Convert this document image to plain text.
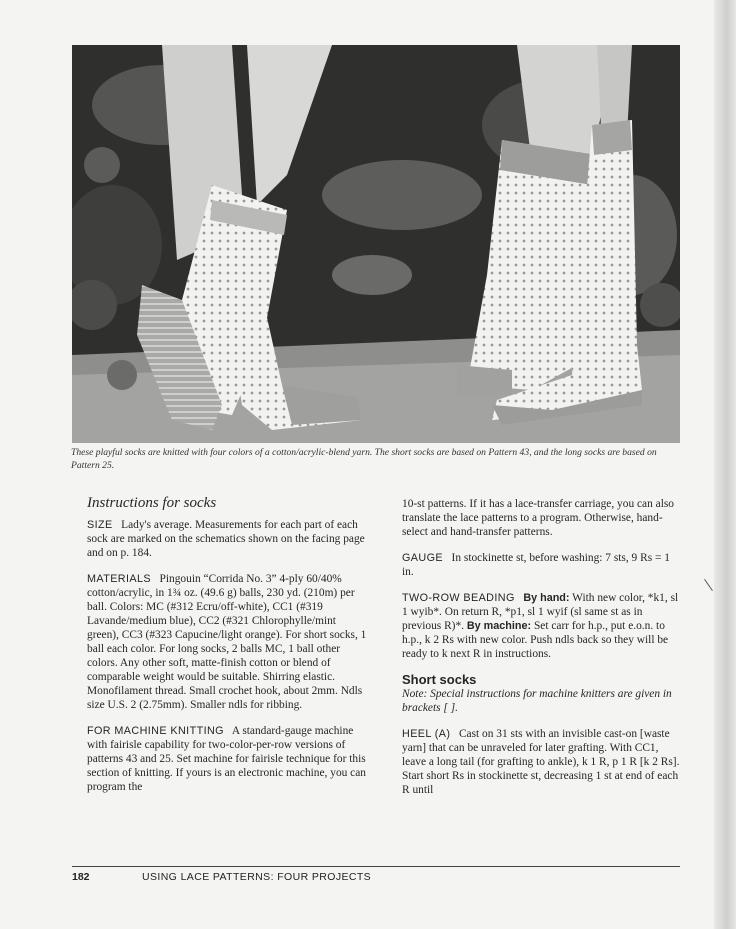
These playful socks are knitted with four colors of a cotton/acrylic-blend yarn. The short socks are based on Pattern 43, and the long socks are based on Pattern 25.

Instructions for socks

SIZE Lady's average. Measurements for each part of each sock are marked on the schematics shown on the facing page and on p. 184.

MATERIALS Pingouin “Corrida No. 3” 4-ply 60/40% cotton/acrylic, in 1¾ oz. (49.6 g) balls, 230 yd. (210m) per ball. Colors: MC (#312 Ecru/off-white), CC1 (#319 Lavande/medium blue), CC2 (#321 Chlorophylle/mint green), CC3 (#323 Capucine/light orange). For short socks, 1 ball each color. For long socks, 2 balls MC, 1 ball other colors. Any other soft, matte-finish cotton or blend of comparable weight would be suitable. Shirring elastic. Monofilament thread. Small crochet hook, about 2mm. Ndls size U.S. 2 (2.75mm). Smaller ndls for ribbing.

FOR MACHINE KNITTING A standard-gauge machine with fairisle capability for two-color-per-row versions of patterns 43 and 25. Set machine for fairisle technique for this section of knitting. If yours is an electronic machine, you can program the

10-st patterns. If it has a lace-transfer carriage, you can also translate the lace patterns to a program. Otherwise, hand-select and hand-transfer patterns.

GAUGE In stockinette st, before washing: 7 sts, 9 Rs = 1 in.

TWO-ROW BEADING By hand: With new color, *k1, sl 1 wyib*. On return R, *p1, sl 1 wyif (sl same st as in previous R)*. By machine: Set carr for h.p., put e.o.n. to h.p., k 2 Rs with new color. Push ndls back so they will be ready to k next R in instructions.

Short socks

Note: Special instructions for machine knitters are given in brackets [ ].

HEEL (A) Cast on 31 sts with an invisible cast-on [waste yarn] that can be unraveled for later grafting. With CC1, leave a long tail (for grafting to ankle), k 1 R, p 1 R [k 2 Rs]. Start short Rs in stockinette st, decreasing 1 st at end of each R until

182	USING LACE PATTERNS: FOUR PROJECTS
